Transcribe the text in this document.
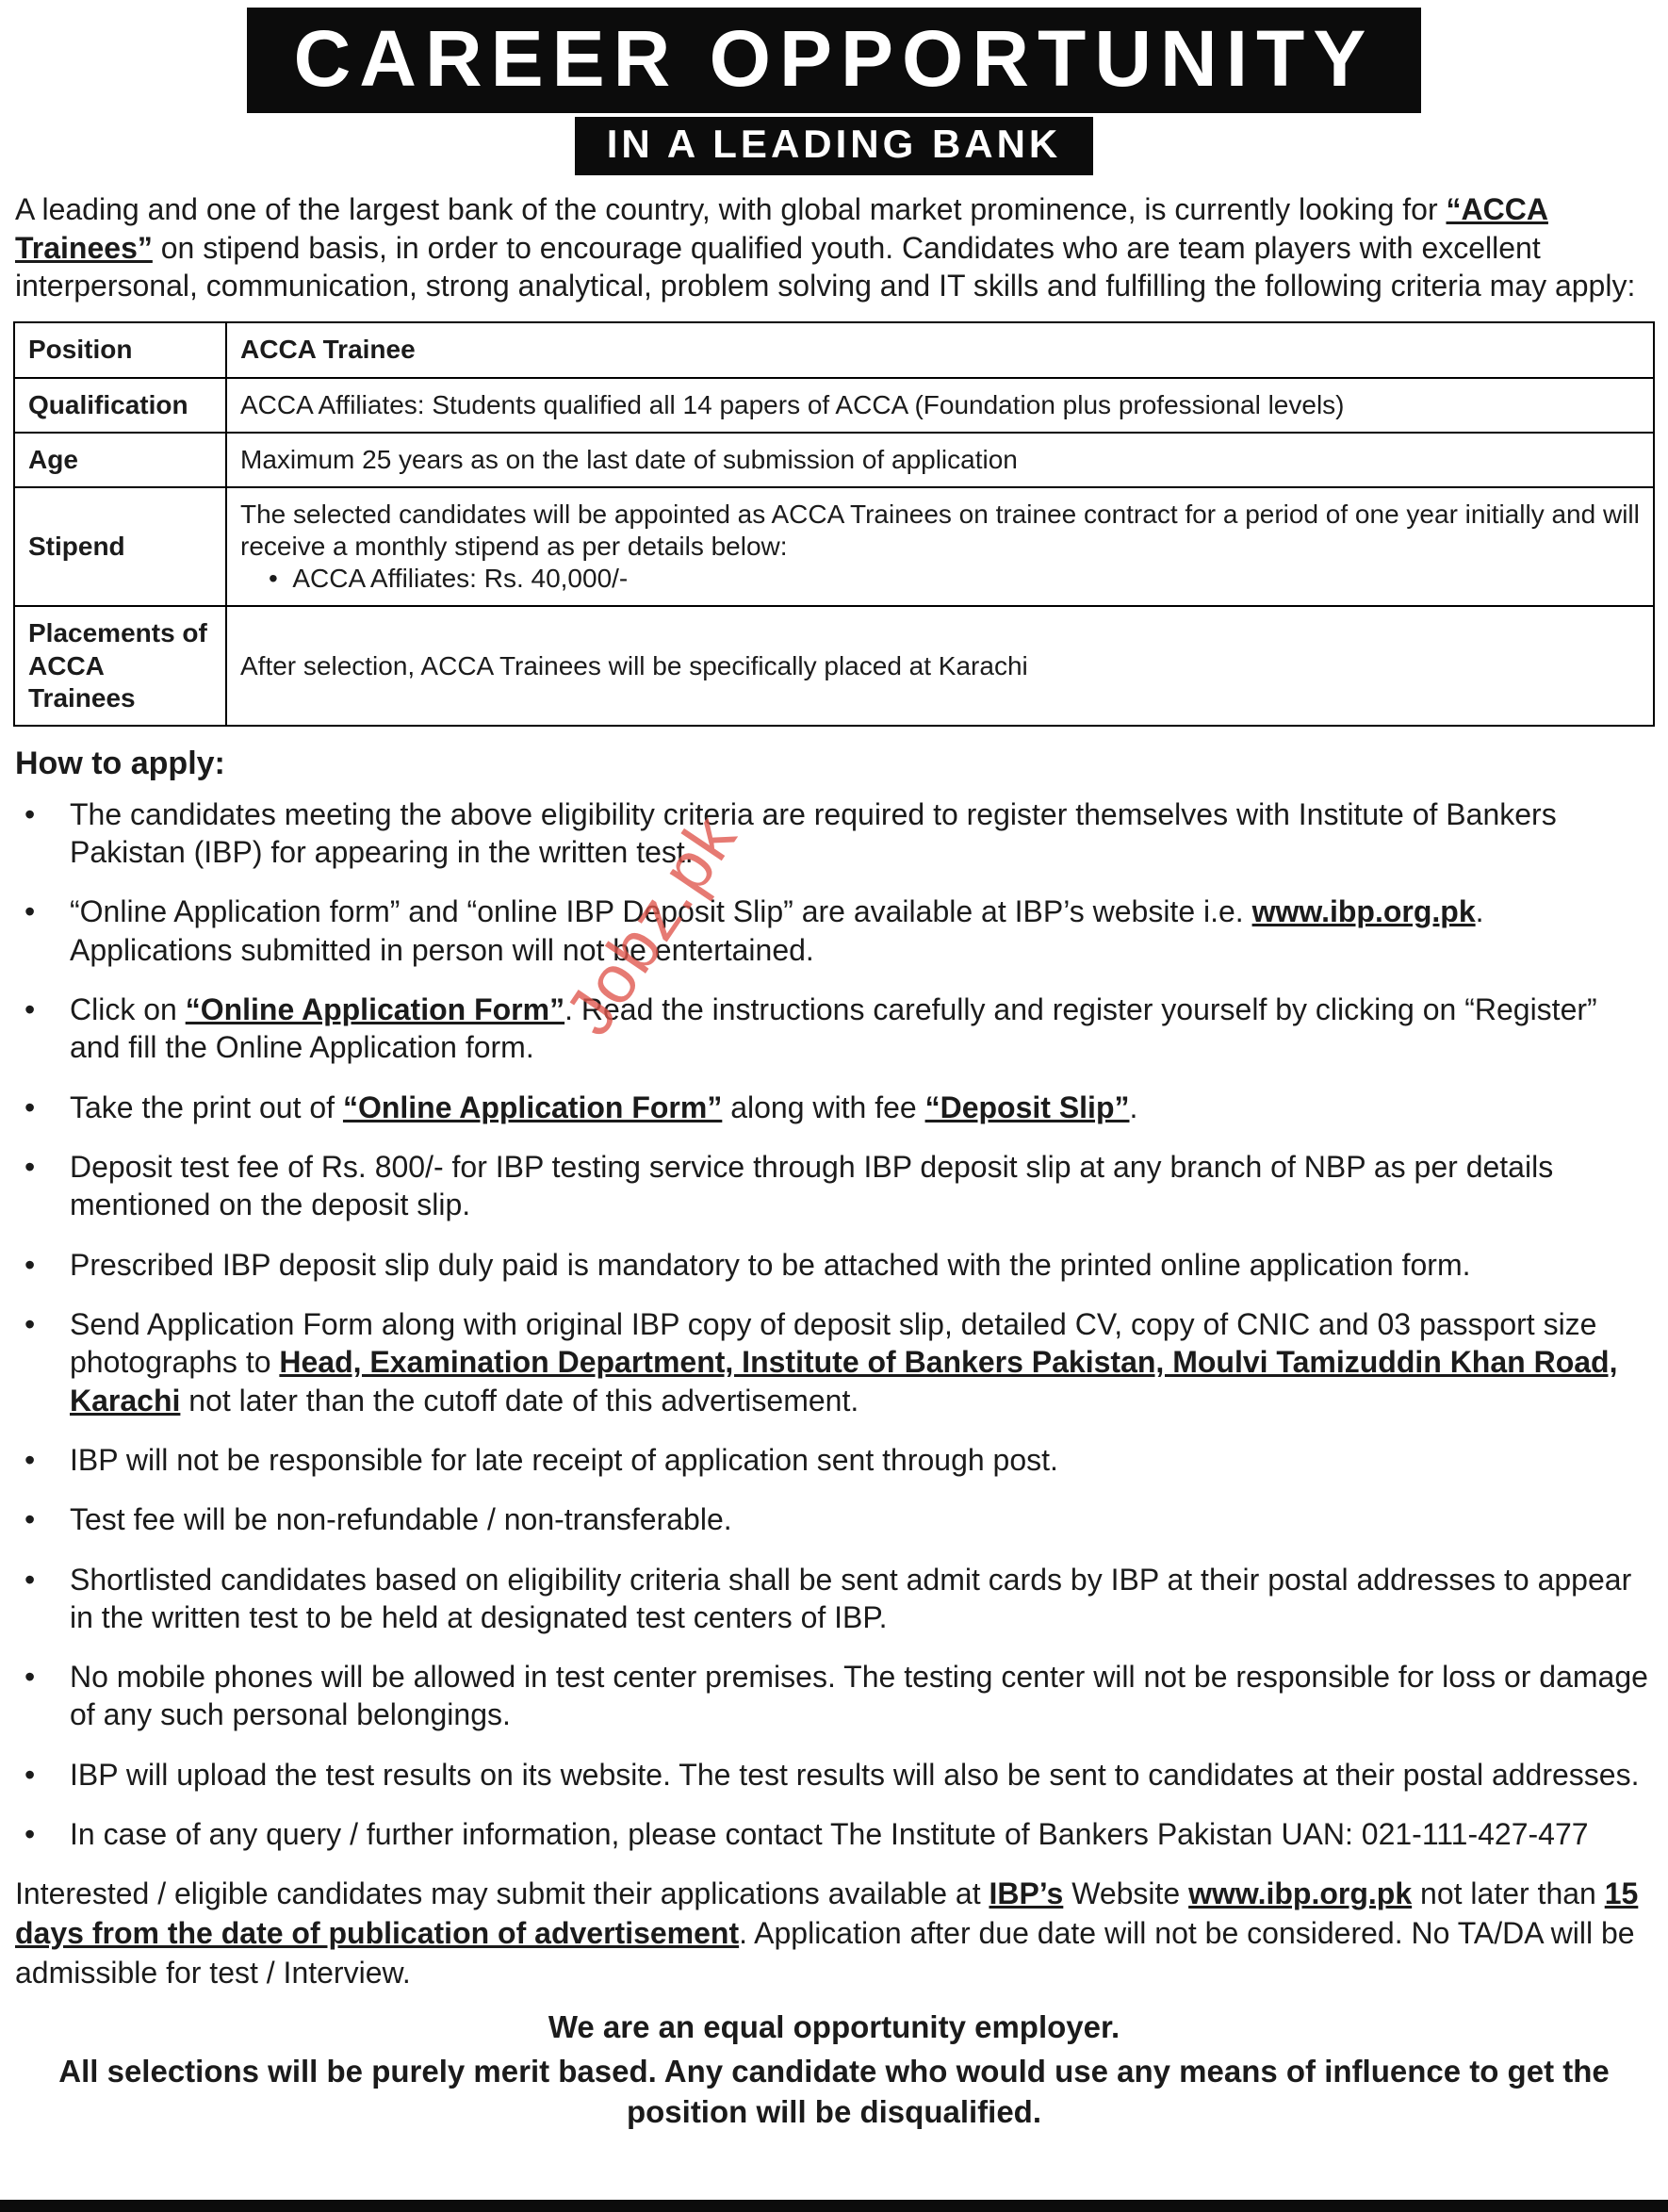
CAREER OPPORTUNITY
IN A LEADING BANK

A leading and one of the largest bank of the country, with global market prominence, is currently looking for “ACCA Trainees” on stipend basis, in order to encourage qualified youth. Candidates who are team players with excellent interpersonal, communication, strong analytical, problem solving and IT skills and fulfilling the following criteria may apply:

Position	ACCA Trainee
Qualification	ACCA Affiliates: Students qualified all 14 papers of ACCA (Foundation plus professional levels)
Age	Maximum 25 years as on the last date of submission of application
Stipend	The selected candidates will be appointed as ACCA Trainees on trainee contract for a period of one year initially and will receive a monthly stipend as per details below:
•  ACCA Affiliates: Rs. 40,000/-

Placements of ACCA Trainees	After selection, ACCA Trainees will be specifically placed at Karachi
How to apply:
• The candidates meeting the above eligibility criteria are required to register themselves with Institute of Bankers Pakistan (IBP) for appearing in the written test.
• “Online Application form” and “online IBP Deposit Slip” are available at IBP’s website i.e. www.ibp.org.pk. Applications submitted in person will not be entertained.
• Click on “Online Application Form”. Read the instructions carefully and register yourself by clicking on “Register” and fill the Online Application form.
• Take the print out of “Online Application Form” along with fee “Deposit Slip”.
• Deposit test fee of Rs. 800/- for IBP testing service through IBP deposit slip at any branch of NBP as per details mentioned on the deposit slip.
• Prescribed IBP deposit slip duly paid is mandatory to be attached with the printed online application form.
• Send Application Form along with original IBP copy of deposit slip, detailed CV, copy of CNIC and 03 passport size photographs to Head, Examination Department, Institute of Bankers Pakistan, Moulvi Tamizuddin Khan Road, Karachi not later than the cutoff date of this advertisement.
• IBP will not be responsible for late receipt of application sent through post.
• Test fee will be non-refundable / non-transferable.
• Shortlisted candidates based on eligibility criteria shall be sent admit cards by IBP at their postal addresses to appear in the written test to be held at designated test centers of IBP.
• No mobile phones will be allowed in test center premises. The testing center will not be responsible for loss or damage of any such personal belongings.
• IBP will upload the test results on its website. The test results will also be sent to candidates at their postal addresses.
• In case of any query / further information, please contact The Institute of Bankers Pakistan UAN: 021-111-427-477

Interested / eligible candidates may submit their applications available at IBP’s Website www.ibp.org.pk not later than 15 days from the date of publication of advertisement. Application after due date will not be considered. No TA/DA will be admissible for test / Interview.

We are an equal opportunity employer.

All selections will be purely merit based. Any candidate who would use any means of influence to get the position will be disqualified.

Jobz.pk
